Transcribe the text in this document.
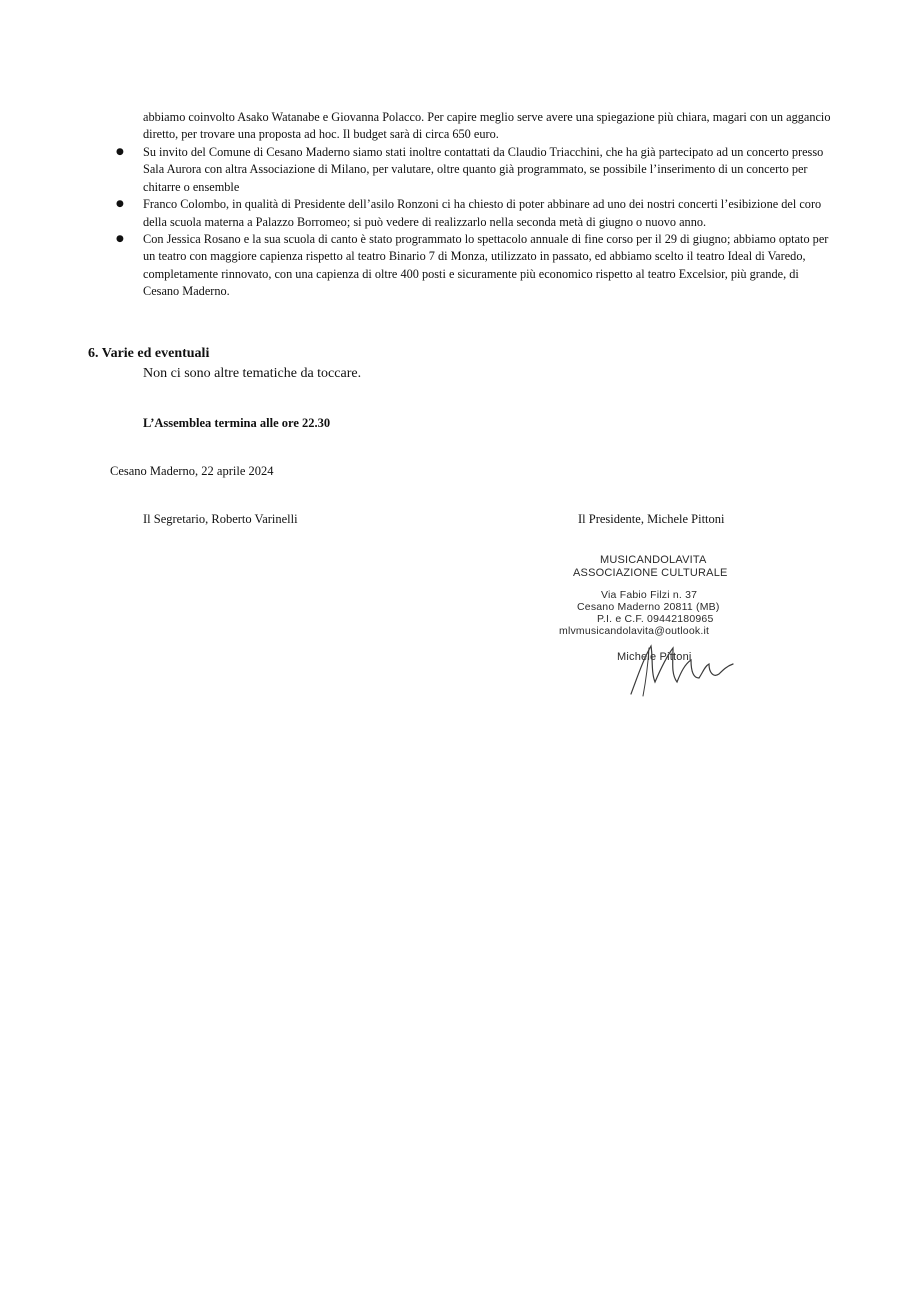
abbiamo coinvolto Asako Watanabe e Giovanna Polacco. Per capire meglio serve avere una spiegazione più chiara, magari con un aggancio diretto, per trovare una proposta ad hoc. Il budget sarà di circa 650 euro.

● Su invito del Comune di Cesano Maderno siamo stati inoltre contattati da Claudio Triacchini, che ha già partecipato ad un concerto presso Sala Aurora con altra Associazione di Milano, per valutare, oltre quanto già programmato, se possibile l’inserimento di un concerto per chitarre o ensemble
● Franco Colombo, in qualità di Presidente dell’asilo Ronzoni ci ha chiesto di poter abbinare ad uno dei nostri concerti l’esibizione del coro della scuola materna a Palazzo Borromeo; si può vedere di realizzarlo nella seconda metà di giugno o nuovo anno.
● Con Jessica Rosano e la sua scuola di canto è stato programmato lo spettacolo annuale di fine corso per il 29 di giugno; abbiamo optato per un teatro con maggiore capienza rispetto al teatro Binario 7 di Monza, utilizzato in passato, ed abbiamo scelto il teatro Ideal di Varedo, completamente rinnovato, con una capienza di oltre 400 posti e sicuramente più economico rispetto al teatro Excelsior, più grande, di Cesano Maderno.

6. Varie ed eventuali

Non ci sono altre tematiche da toccare.

L’Assemblea termina alle ore 22.30

Cesano Maderno, 22 aprile 2024

Il Segretario, Roberto Varinelli	Il Presidente, Michele Pittoni

MUSICANDOLAVITA
ASSOCIAZIONE CULTURALE
Via Fabio Filzi n. 37
Cesano Maderno 20811 (MB)
P.I. e C.F. 09442180965
mlvmusicandolavita@outlook.it
Michele Pittoni
